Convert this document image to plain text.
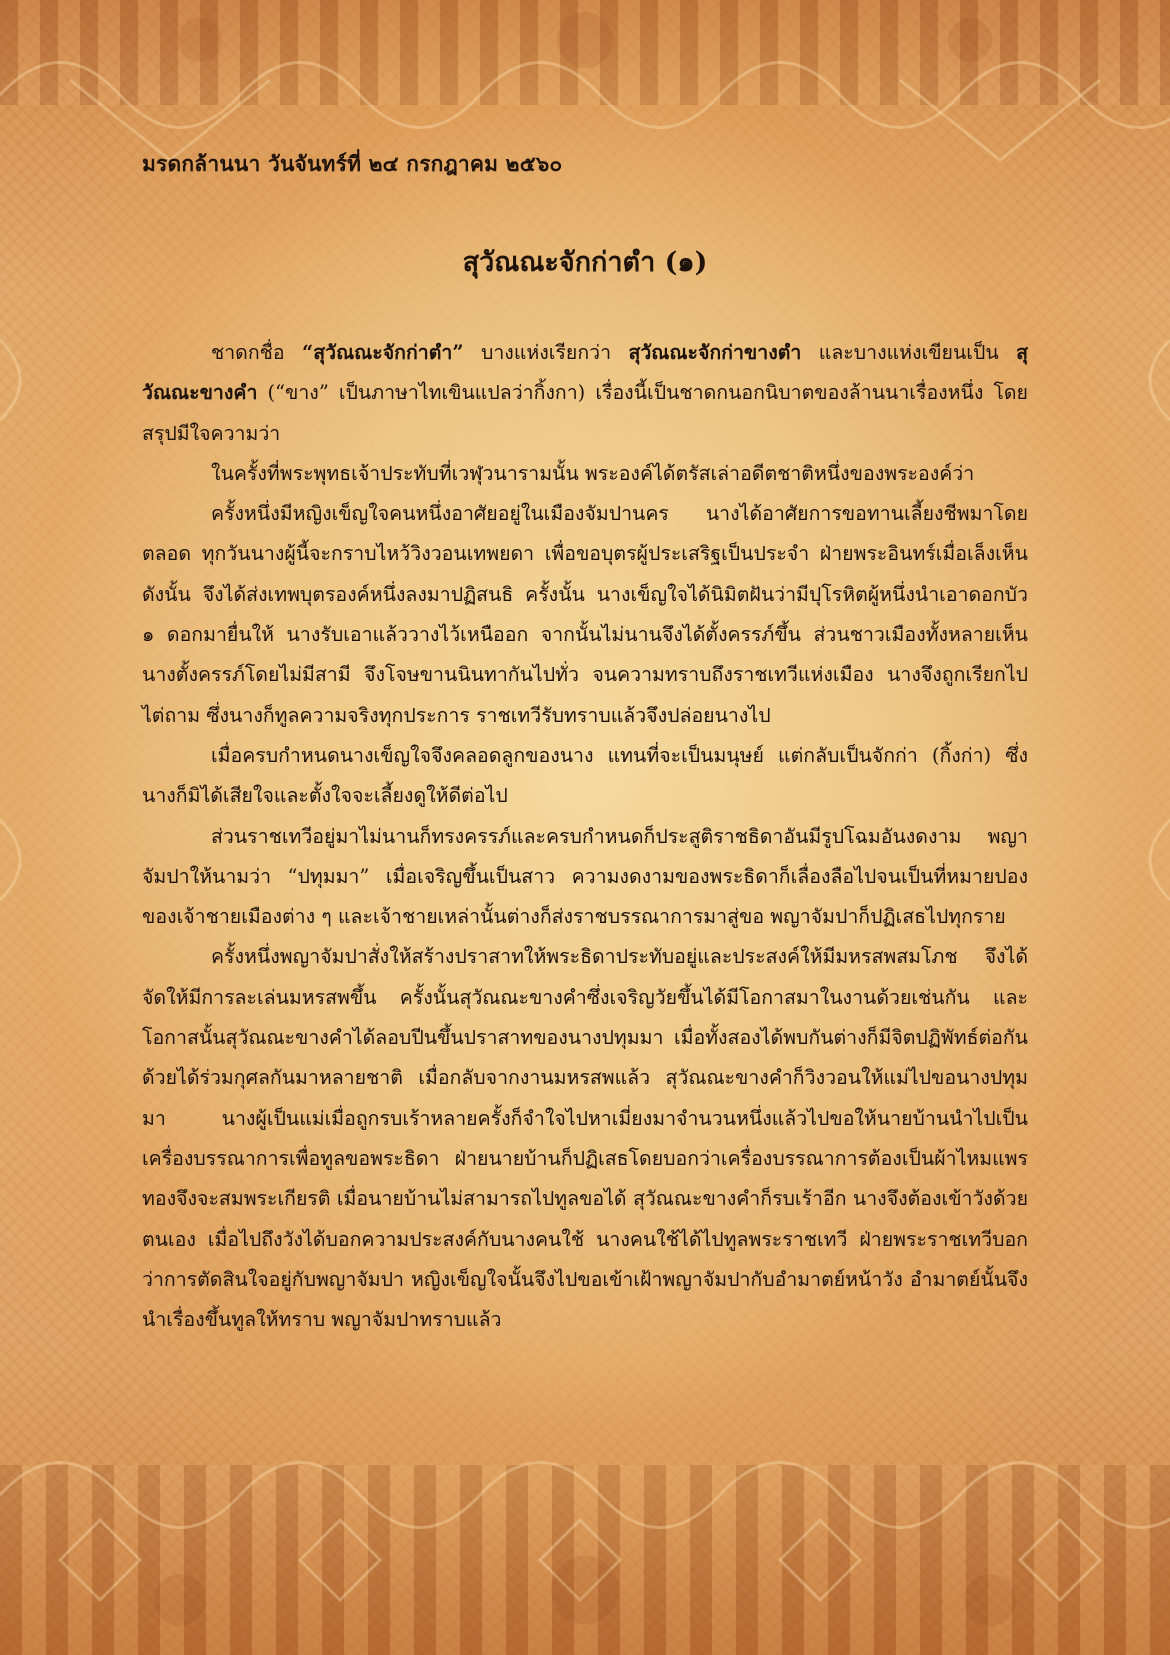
มรดกล้านนา วันจันทร์ที่ ๒๔ กรกฎาคม ๒๕๖๐
สุวัณณะจักก่าตำ (๑)

ชาดกชื่อ “สุวัณณะจักก่าตำ” บางแห่งเรียกว่า สุวัณณะจักก่าขางตำ และบางแห่งเขียนเป็น สุวัณณะขางคำ (“ขาง” เป็นภาษาไทเขินแปลว่ากิ้งกา) เรื่องนี้เป็นชาดกนอกนิบาตของล้านนาเรื่องหนึ่ง โดยสรุปมีใจความว่า

ในครั้งที่พระพุทธเจ้าประทับที่เวฬุวนารามนั้น พระองค์ได้ตรัสเล่าอดีตชาติหนึ่งของพระองค์ว่า

ครั้งหนึ่งมีหญิงเข็ญใจคนหนึ่งอาศัยอยู่ในเมืองจัมปานคร นางได้อาศัยการขอทานเลี้ยงชีพมาโดยตลอด ทุกวันนางผู้นี้จะกราบไหว้วิงวอนเทพยดา เพื่อขอบุตรผู้ประเสริฐเป็นประจำ ฝ่ายพระอินทร์เมื่อเล็งเห็นดังนั้น จึงได้ส่งเทพบุตรองค์หนึ่งลงมาปฏิสนธิ ครั้งนั้น นางเข็ญใจได้นิมิตฝันว่ามีปุโรหิตผู้หนึ่งนำเอาดอกบัว ๑ ดอกมายื่นให้ นางรับเอาแล้ววางไว้เหนืออก จากนั้นไม่นานจึงได้ตั้งครรภ์ขึ้น ส่วนชาวเมืองทั้งหลายเห็นนางตั้งครรภ์โดยไม่มีสามี จึงโจษขานนินทากันไปทั่ว จนความทราบถึงราชเทวีแห่งเมือง นางจึงถูกเรียกไปไต่ถาม ซึ่งนางก็ทูลความจริงทุกประการ ราชเทวีรับทราบแล้วจึงปล่อยนางไป

เมื่อครบกำหนดนางเข็ญใจจึงคลอดลูกของนาง แทนที่จะเป็นมนุษย์ แต่กลับเป็นจักก่า (กิ้งก่า) ซึ่งนางก็มิได้เสียใจและตั้งใจจะเลี้ยงดูให้ดีต่อไป

ส่วนราชเทวีอยู่มาไม่นานก็ทรงครรภ์และครบกำหนดก็ประสูติราชธิดาอันมีรูปโฉมอันงดงาม พญาจัมปาให้นามว่า “ปทุมมา” เมื่อเจริญขึ้นเป็นสาว ความงดงามของพระธิดาก็เลื่องลือไปจนเป็นที่หมายปองของเจ้าชายเมืองต่าง ๆ และเจ้าชายเหล่านั้นต่างก็ส่งราชบรรณาการมาสู่ขอ พญาจัมปาก็ปฏิเสธไปทุกราย

ครั้งหนึ่งพญาจัมปาสั่งให้สร้างปราสาทให้พระธิดาประทับอยู่และประสงค์ให้มีมหรสพสมโภช จึงได้จัดให้มีการละเล่นมหรสพขึ้น ครั้งนั้นสุวัณณะขางคำซึ่งเจริญวัยขึ้นได้มีโอกาสมาในงานด้วยเช่นกัน และโอกาสนั้นสุวัณณะขางคำได้ลอบปีนขึ้นปราสาทของนางปทุมมา เมื่อทั้งสองได้พบกันต่างก็มีจิตปฏิพัทธ์ต่อกันด้วยได้ร่วมกุศลกันมาหลายชาติ เมื่อกลับจากงานมหรสพแล้ว สุวัณณะขางคำก็วิงวอนให้แม่ไปขอนางปทุมมา นางผู้เป็นแม่เมื่อถูกรบเร้าหลายครั้งก็จำใจไปหาเมี่ยงมาจำนวนหนึ่งแล้วไปขอให้นายบ้านนำไปเป็นเครื่องบรรณาการเพื่อทูลขอพระธิดา ฝ่ายนายบ้านก็ปฏิเสธโดยบอกว่าเครื่องบรรณาการต้องเป็นผ้าไหมแพรทองจึงจะสมพระเกียรติ เมื่อนายบ้านไม่สามารถไปทูลขอได้ สุวัณณะขางคำก็รบเร้าอีก นางจึงต้องเข้าวังด้วยตนเอง เมื่อไปถึงวังได้บอกความประสงค์กับนางคนใช้ นางคนใช้ได้ไปทูลพระราชเทวี ฝ่ายพระราชเทวีบอกว่าการตัดสินใจอยู่กับพญาจัมปา หญิงเข็ญใจนั้นจึงไปขอเข้าเฝ้าพญาจัมปากับอำมาตย์หน้าวัง อำมาตย์นั้นจึงนำเรื่องขึ้นทูลให้ทราบ พญาจัมปาทราบแล้ว
